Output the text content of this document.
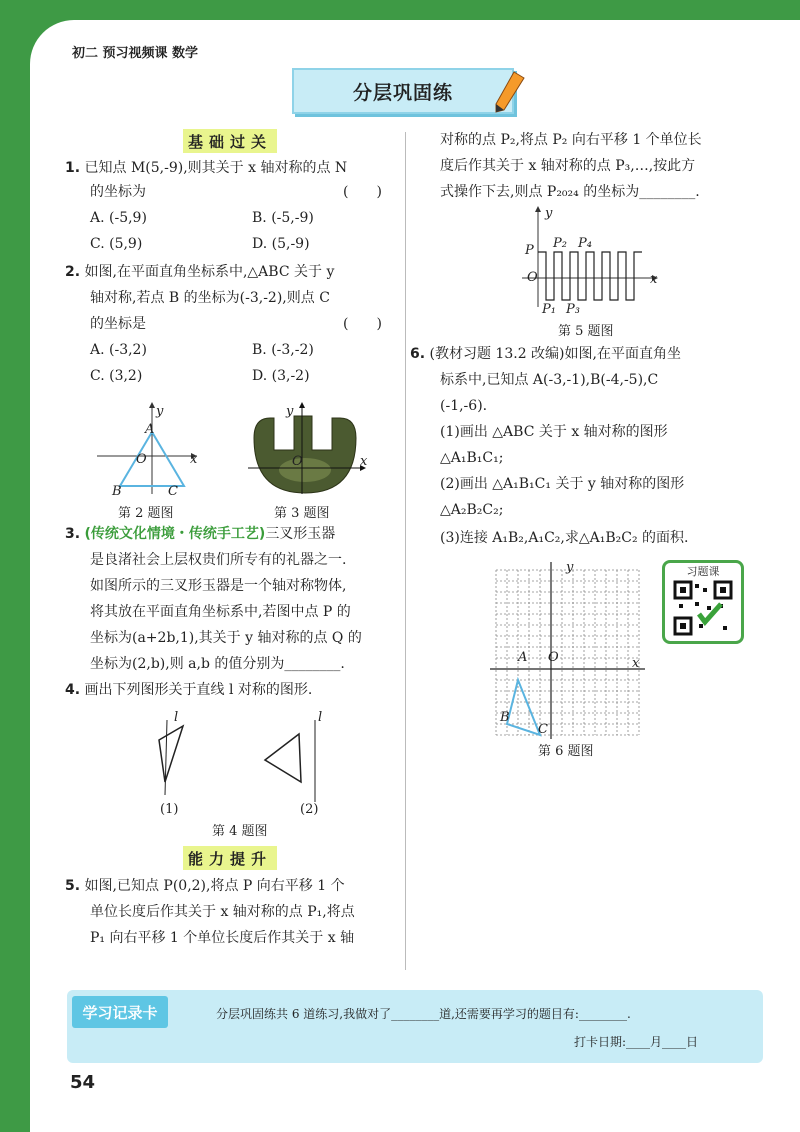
初二 预习视频课 数学
分层巩固练
基础过关
1. 已知点 M(5,-9),则其关于 x 轴对称的点 N
的坐标为	(　　)
A. (-5,9)	B. (-5,-9)
C. (5,9)	D. (5,-9)
2. 如图,在平面直角坐标系中,△ABC 关于 y
轴对称,若点 B 的坐标为(-3,-2),则点 C
的坐标是	(　　)
A. (-3,2)	B. (-3,-2)
C. (3,2)	D. (3,-2)
y
A
O	x
B	C
第 2 题图
y
P Q
O	x
第 3 题图
3. (传统文化情境・传统手工艺)三叉形玉器
是良渚社会上层权贵们所专有的礼器之一.
如图所示的三叉形玉器是一个轴对称物体,
将其放在平面直角坐标系中,若图中点 P 的
坐标为(a+2b,1),其关于 y 轴对称的点 Q 的
坐标为(2,b),则 a,b 的值分别为________.
4. 画出下列图形关于直线 l 对称的图形.
l	l
(1)	(2)
第 4 题图
能力提升
5. 如图,已知点 P(0,2),将点 P 向右平移 1 个
单位长度后作其关于 x 轴对称的点 P₁,将点
P₁ 向右平移 1 个单位长度后作其关于 x 轴
对称的点 P₂,将点 P₂ 向右平移 1 个单位长
度后作其关于 x 轴对称的点 P₃,…,按此方
式操作下去,则点 P₂₀₂₄ 的坐标为________.
y
P P₂ P₄
O	x
P₁ P₃
第 5 题图
6. (教材习题 13.2 改编)如图,在平面直角坐
标系中,已知点 A(-3,-1),B(-4,-5),C
(-1,-6).
(1)画出 △ABC 关于 x 轴对称的图形
△A₁B₁C₁;
(2)画出 △A₁B₁C₁ 关于 y 轴对称的图形
△A₂B₂C₂;
(3)连接 A₁B₂,A₁C₂,求△A₁B₂C₂ 的面积.
y
A O	x
B
C
第 6 题图
习题课
学习记录卡	分层巩固练共 6 道练习,我做对了________道,还需要再学习的题目有:________.
打卡日期:____月____日
54
